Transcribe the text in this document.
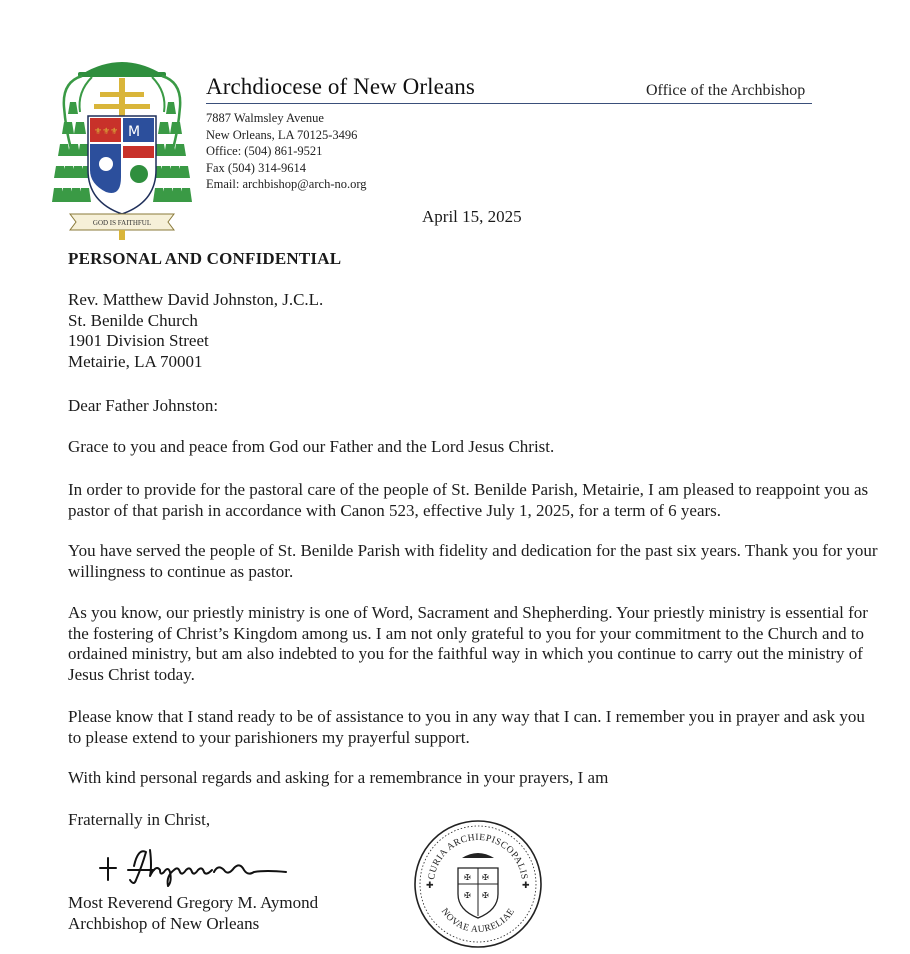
⚜⚜⚜ M
GOD IS FAITHFUL
Archdiocese of New Orleans	Office of the Archbishop
7887 Walmsley Avenue
New Orleans, LA 70125-3496
Office: (504) 861-9521
Fax (504) 314-9614
Email: archbishop@arch-no.org
April 15, 2025
PERSONAL AND CONFIDENTIAL
Rev. Matthew David Johnston, J.C.L.
St. Benilde Church
1901 Division Street
Metairie, LA 70001
Dear Father Johnston:
Grace to you and peace from God our Father and the Lord Jesus Christ.
In order to provide for the pastoral care of the people of St. Benilde Parish, Metairie, I am pleased to reappoint you as pastor of that parish in accordance with Canon 523, effective July 1, 2025, for a term of 6 years.
You have served the people of St. Benilde Parish with fidelity and dedication for the past six years. Thank you for your willingness to continue as pastor.
As you know, our priestly ministry is one of Word, Sacrament and Shepherding. Your priestly ministry is essential for the fostering of Christ’s Kingdom among us. I am not only grateful to you for your commitment to the Church and to ordained ministry, but am also indebted to you for the faithful way in which you continue to carry out the ministry of Jesus Christ today.
Please know that I stand ready to be of assistance to you in any way that I can. I remember you in prayer and ask you to please extend to your parishioners my prayerful support.
With kind personal regards and asking for a remembrance in your prayers, I am
Fraternally in Christ,
Most Reverend Gregory M. Aymond
Archbishop of New Orleans
CURIA ARCHIEPISCOPALIS
NOVAE AURELIAE
✠ ✠
✠ ✠
✚	✚
